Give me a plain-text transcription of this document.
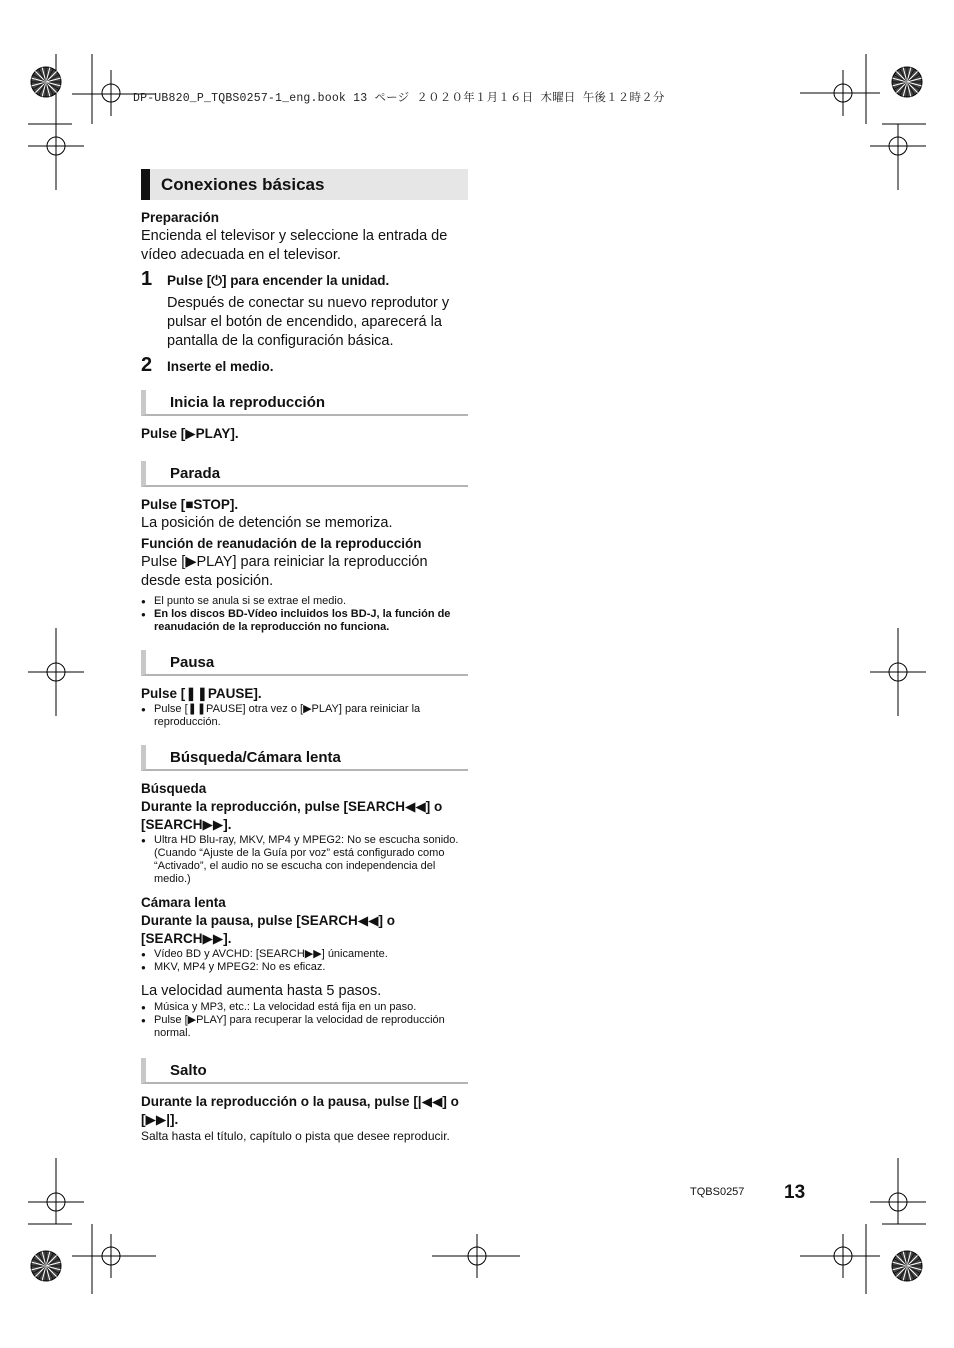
DP-UB820_P_TQBS0257-1_eng.book 13 ページ ２０２０年１月１６日 木曜日 午後１２時２分
Conexiones básicas
Preparación
Encienda el televisor y seleccione la entrada de vídeo adecuada en el televisor.
1	Pulse [⏻] para encender la unidad.
Después de conectar su nuevo reprodutor y pulsar el botón de encendido, aparecerá la pantalla de la configuración básica.
2	Inserte el medio.
Inicia la reproducción
Pulse [▶PLAY].
Parada
Pulse [■STOP].
La posición de detención se memoriza.
Función de reanudación de la reproducción
Pulse [▶PLAY] para reiniciar la reproducción desde esta posición.
● El punto se anula si se extrae el medio.
● En los discos BD-Vídeo incluidos los BD-J, la función de reanudación de la reproducción no funciona.
Pausa
Pulse [❚❚PAUSE].
● Pulse [❚❚PAUSE] otra vez o [▶PLAY] para reiniciar la reproducción.
Búsqueda/Cámara lenta
Búsqueda
Durante la reproducción, pulse [SEARCH◀◀] o [SEARCH▶▶].
● Ultra HD Blu-ray, MKV, MP4 y MPEG2: No se escucha sonido. (Cuando “Ajuste de la Guía por voz” está configurado como “Activado”, el audio no se escucha con independencia del medio.)
Cámara lenta
Durante la pausa, pulse [SEARCH◀◀] o [SEARCH▶▶].
● Vídeo BD y AVCHD: [SEARCH▶▶] únicamente.
● MKV, MP4 y MPEG2: No es eficaz.
La velocidad aumenta hasta 5 pasos.
● Música y MP3, etc.: La velocidad está fija en un paso.
● Pulse [▶PLAY] para recuperar la velocidad de reproducción normal.
Salto
Durante la reproducción o la pausa, pulse [|◀◀] o [▶▶|].
Salta hasta el título, capítulo o pista que desee reproducir.
TQBS0257 13
